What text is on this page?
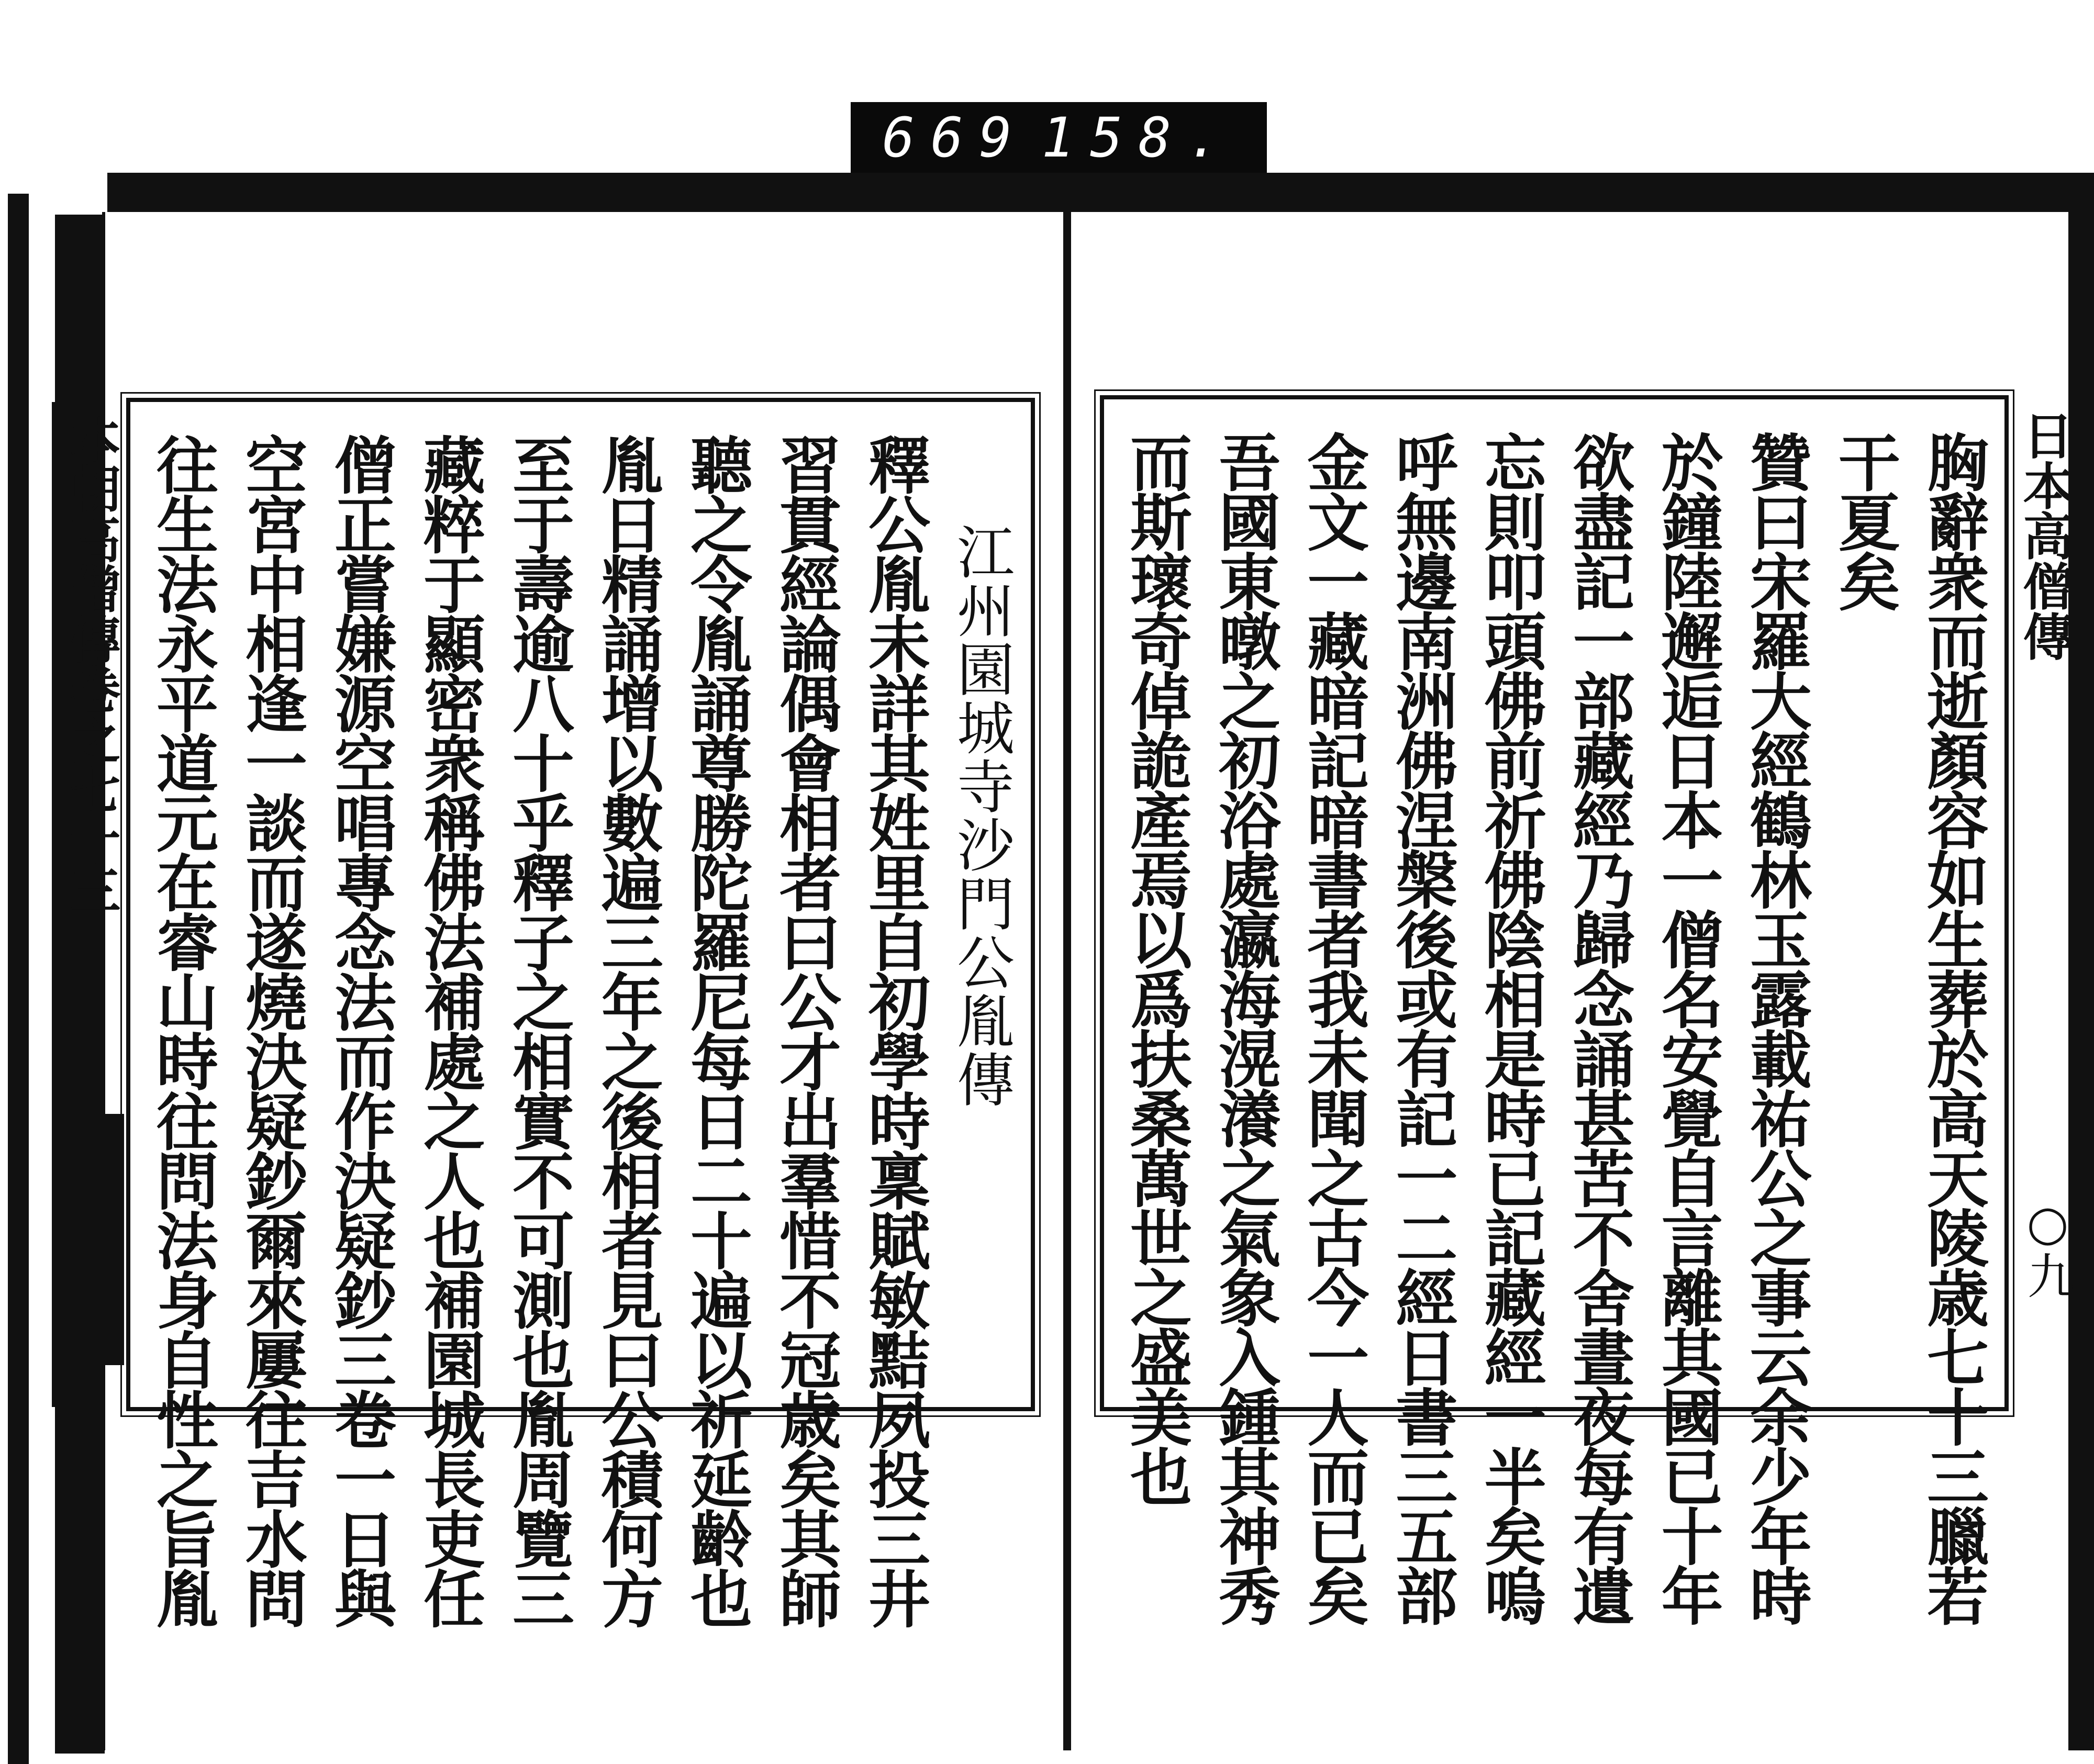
669 158.
本朝高僧傳卷之七十三	江州園城寺沙門公胤傳
釋公胤未詳其姓里自初學時稟賦敏黠夙投三井
習貫經論偶會相者曰公才出羣惜不冠歳矣其師
聽之令胤誦尊勝陀羅尼每日二十遍以祈延齡也
胤日精誦增以數遍三年之後相者見曰公積何方
至于壽逾八十乎釋子之相實不可測也胤周覽三
藏粹于顯密衆稱佛法補處之人也補園城長吏任
僧正嘗嫌源空唱專念法而作決疑鈔三卷一日與
空宮中相逢一談而遂燒決疑鈔爾來屢往吉水問
往生法永平道元在睿山時往問法身自性之旨胤	日本高僧傳
○九
胸辭衆而逝顏容如生葬於高天陵歳七十三臘若
干夏矣
贊曰宋羅大經鶴林玉露載祐公之事云余少年時
於鐘陸邂逅日本一僧名安覺自言離其國已十年
欲盡記一部藏經乃歸念誦甚苦不舍晝夜每有遺
忘則叩頭佛前祈佛陰相是時已記藏經一半矣嗚
呼無邊南洲佛涅槃後或有記一二經日書三五部
金文一藏暗記暗書者我未聞之古今一人而已矣
吾國東暾之初浴處瀛海滉瀁之氣象入鍾其神秀
而斯瓌奇倬詭產焉以爲扶桑萬世之盛美也
